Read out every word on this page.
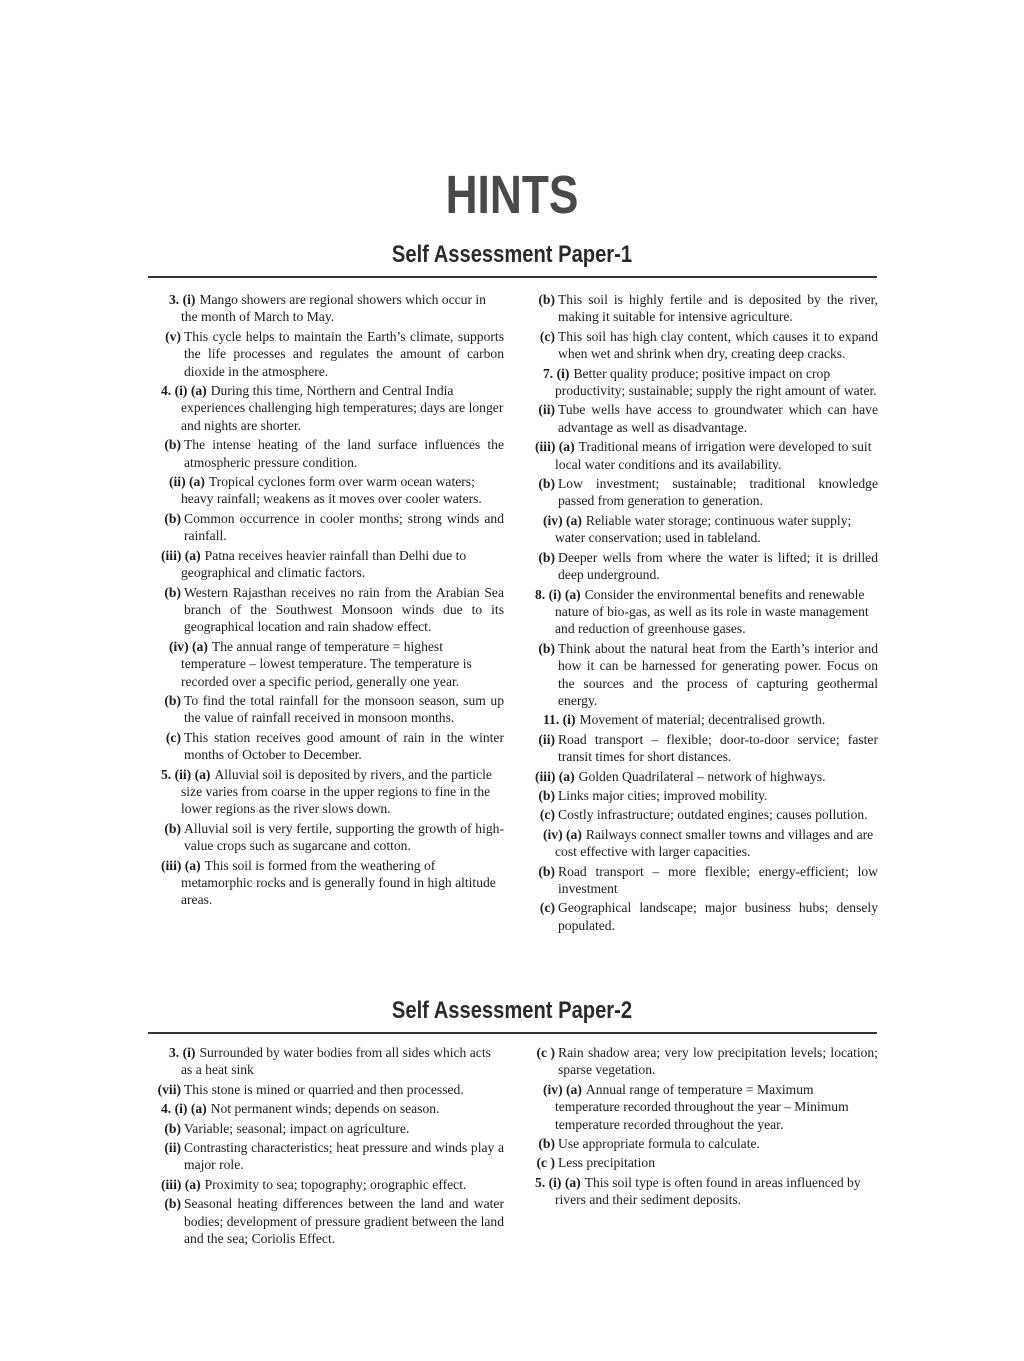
HINTS
Self Assessment Paper-1
3. (i) Mango showers are regional showers which occur in the month of March to May.
(v) This cycle helps to maintain the Earth’s climate, supports the life processes and regulates the amount of carbon dioxide in the atmosphere.
4. (i) (a) During this time, Northern and Central India experiences challenging high temperatures; days are longer and nights are shorter.
(b) The intense heating of the land surface influences the atmospheric pressure condition.
(ii) (a) Tropical cyclones form over warm ocean waters; heavy rainfall; weakens as it moves over cooler waters.
(b) Common occurrence in cooler months; strong winds and rainfall.
(iii) (a) Patna receives heavier rainfall than Delhi due to geographical and climatic factors.
(b) Western Rajasthan receives no rain from the Arabian Sea branch of the Southwest Monsoon winds due to its geographical location and rain shadow effect.
(iv) (a) The annual range of temperature = highest temperature – lowest temperature. The temperature is recorded over a specific period, generally one year.
(b) To find the total rainfall for the monsoon season, sum up the value of rainfall received in monsoon months.
(c) This station receives good amount of rain in the winter months of October to December.
5. (ii) (a) Alluvial soil is deposited by rivers, and the particle size varies from coarse in the upper regions to fine in the lower regions as the river slows down.
(b) Alluvial soil is very fertile, supporting the growth of high-value crops such as sugarcane and cotton.
(iii) (a) This soil is formed from the weathering of metamorphic rocks and is generally found in high altitude areas.
(b) This soil is highly fertile and is deposited by the river, making it suitable for intensive agriculture.
(c) This soil has high clay content, which causes it to expand when wet and shrink when dry, creating deep cracks.
7. (i) Better quality produce; positive impact on crop productivity; sustainable; supply the right amount of water.
(ii) Tube wells have access to groundwater which can have advantage as well as disadvantage.
(iii) (a) Traditional means of irrigation were developed to suit local water conditions and its availability.
(b) Low investment; sustainable; traditional knowledge passed from generation to generation.
(iv) (a) Reliable water storage; continuous water supply; water conservation; used in tableland.
(b) Deeper wells from where the water is lifted; it is drilled deep underground.
8. (i) (a) Consider the environmental benefits and renewable nature of bio-gas, as well as its role in waste management and reduction of greenhouse gases.
(b) Think about the natural heat from the Earth’s interior and how it can be harnessed for generating power. Focus on the sources and the process of capturing geothermal energy.
11. (i) Movement of material; decentralised growth.
(ii) Road transport – flexible; door-to-door service; faster transit times for short distances.
(iii) (a) Golden Quadrilateral – network of highways.
(b) Links major cities; improved mobility.
(c) Costly infrastructure; outdated engines; causes pollution.
(iv) (a) Railways connect smaller towns and villages and are cost effective with larger capacities.
(b) Road transport – more flexible; energy-efficient; low investment
(c) Geographical landscape; major business hubs; densely populated.
Self Assessment Paper-2
3. (i) Surrounded by water bodies from all sides which acts as a heat sink
(vii) This stone is mined or quarried and then processed.
4. (i) (a) Not permanent winds; depends on season.
(b) Variable; seasonal; impact on agriculture.
(ii) Contrasting characteristics; heat pressure and winds play a major role.
(iii) (a) Proximity to sea; topography; orographic effect.
(b) Seasonal heating differences between the land and water bodies; development of pressure gradient between the land and the sea; Coriolis Effect.
(c ) Rain shadow area; very low precipitation levels; location; sparse vegetation.
(iv) (a) Annual range of temperature = Maximum temperature recorded throughout the year – Minimum temperature recorded throughout the year.
(b) Use appropriate formula to calculate.
(c ) Less precipitation
5. (i) (a) This soil type is often found in areas influenced by rivers and their sediment deposits.
